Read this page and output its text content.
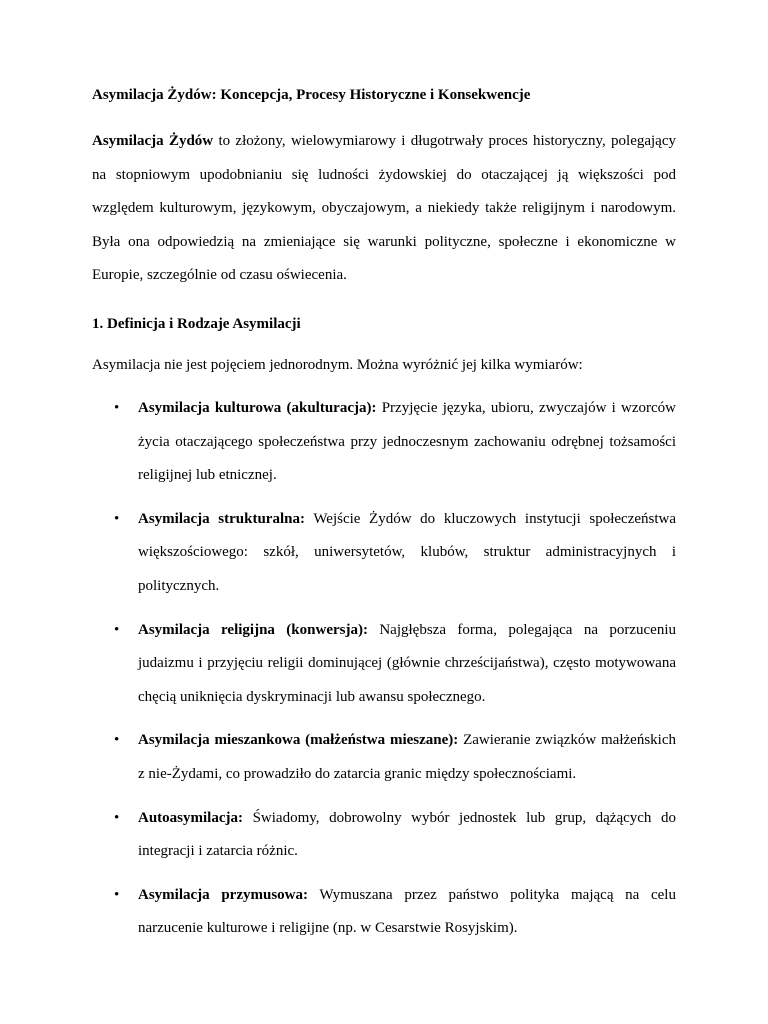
Asymilacja Żydów: Koncepcja, Procesy Historyczne i Konsekwencje

Asymilacja Żydów to złożony, wielowymiarowy i długotrwały proces historyczny, polegający na stopniowym upodobnianiu się ludności żydowskiej do otaczającej ją większości pod względem kulturowym, językowym, obyczajowym, a niekiedy także religijnym i narodowym. Była ona odpowiedzią na zmieniające się warunki polityczne, społeczne i ekonomiczne w Europie, szczególnie od czasu oświecenia.

1. Definicja i Rodzaje Asymilacji
Asymilacja nie jest pojęciem jednorodnym. Można wyróżnić jej kilka wymiarów:
• Asymilacja kulturowa (akulturacja): Przyjęcie języka, ubioru, zwyczajów i wzorców życia otaczającego społeczeństwa przy jednoczesnym zachowaniu odrębnej tożsamości religijnej lub etnicznej.
• Asymilacja strukturalna: Wejście Żydów do kluczowych instytucji społeczeństwa większościowego: szkół, uniwersytetów, klubów, struktur administracyjnych i politycznych.
• Asymilacja religijna (konwersja): Najgłębsza forma, polegająca na porzuceniu judaizmu i przyjęciu religii dominującej (głównie chrześcijaństwa), często motywowana chęcią uniknięcia dyskryminacji lub awansu społecznego.
• Asymilacja mieszankowa (małżeństwa mieszane): Zawieranie związków małżeńskich z nie-Żydami, co prowadziło do zatarcia granic między społecznościami.
• Autoasymilacja: Świadomy, dobrowolny wybór jednostek lub grup, dążących do integracji i zatarcia różnic.
• Asymilacja przymusowa: Wymuszana przez państwo polityka mającą na celu narzucenie kulturowe i religijne (np. w Cesarstwie Rosyjskim).
